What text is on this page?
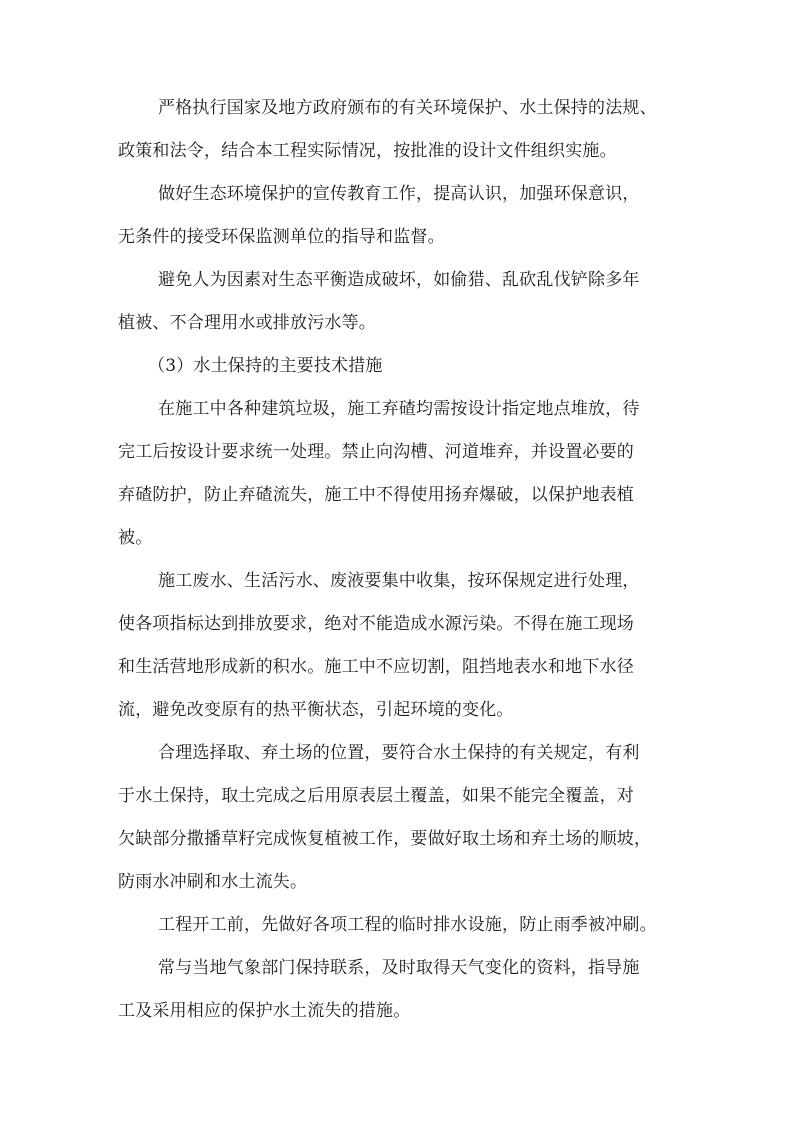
严格执行国家及地方政府颁布的有关环境保护、水土保持的法规、
政策和法令，结合本工程实际情况，按批准的设计文件组织实施。
做好生态环境保护的宣传教育工作，提高认识，加强环保意识，
无条件的接受环保监测单位的指导和监督。
避免人为因素对生态平衡造成破坏，如偷猎、乱砍乱伐铲除多年
植被、不合理用水或排放污水等。
（3）水土保持的主要技术措施
在施工中各种建筑垃圾，施工弃碴均需按设计指定地点堆放，待
完工后按设计要求统一处理。禁止向沟槽、河道堆弃，并设置必要的
弃碴防护，防止弃碴流失，施工中不得使用扬弃爆破，以保护地表植
被。
施工废水、生活污水、废液要集中收集，按环保规定进行处理，
使各项指标达到排放要求，绝对不能造成水源污染。不得在施工现场
和生活营地形成新的积水。施工中不应切割，阻挡地表水和地下水径
流，避免改变原有的热平衡状态，引起环境的变化。
合理选择取、弃土场的位置，要符合水土保持的有关规定，有利
于水土保持，取土完成之后用原表层土覆盖，如果不能完全覆盖，对
欠缺部分撒播草籽完成恢复植被工作，要做好取土场和弃土场的顺坡，
防雨水冲刷和水土流失。
工程开工前，先做好各项工程的临时排水设施，防止雨季被冲刷。
常与当地气象部门保持联系，及时取得天气变化的资料，指导施
工及采用相应的保护水土流失的措施。
